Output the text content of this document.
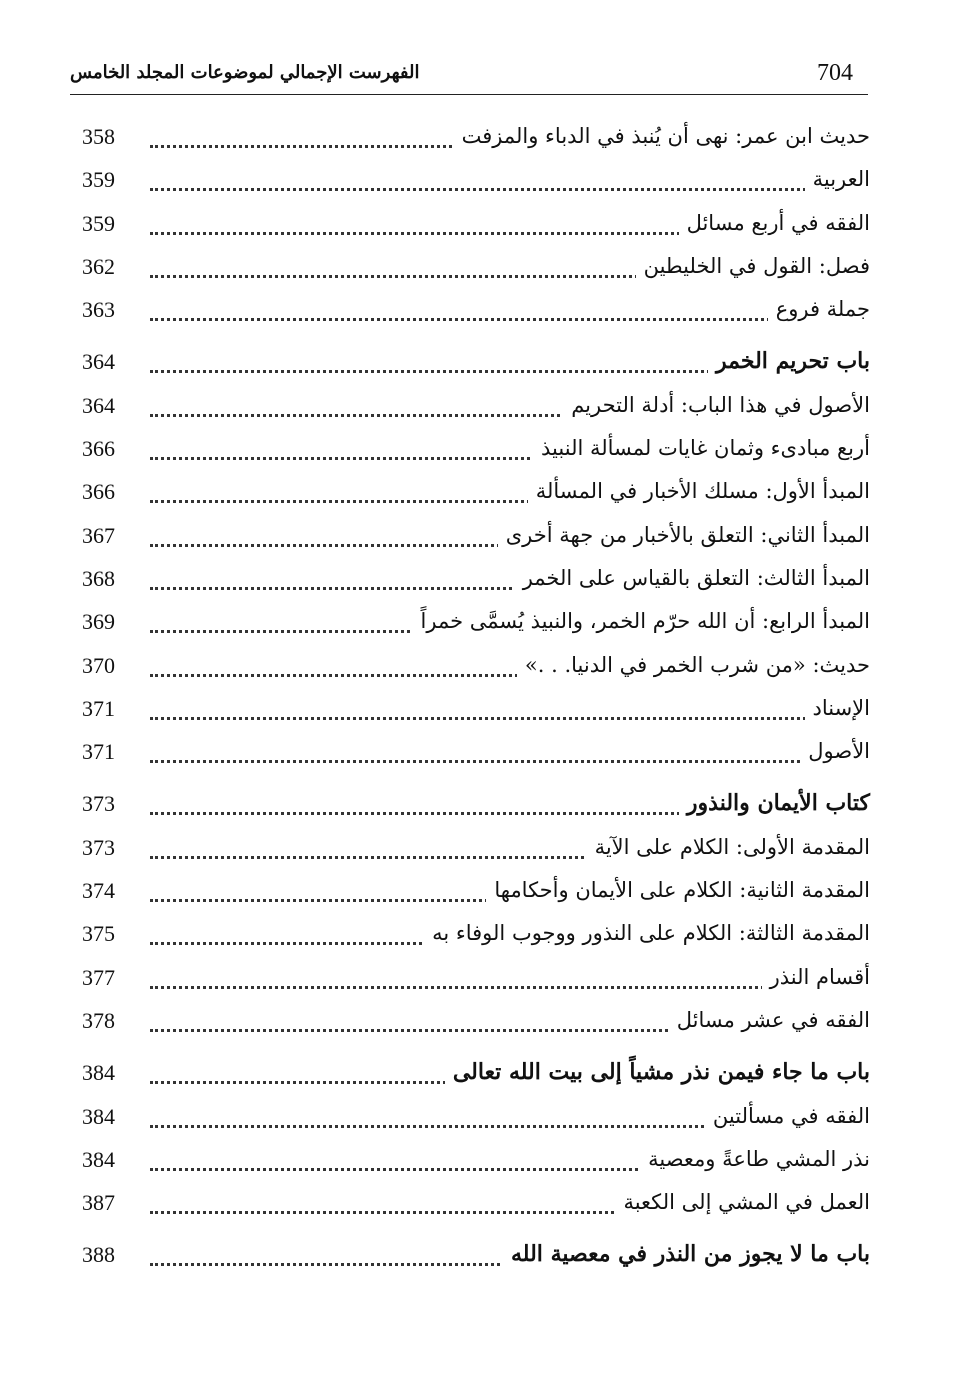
704
الفهرست الإجمالي لموضوعات المجلد الخامس
358	حديث ابن عمر: نهى أن يُنبذ في الدباء والمزفت
359	العربية
359	الفقه في أربع مسائل
362	فصل: القول في الخليطين
363	جملة فروع
364	باب تحريم الخمر
364	الأصول في هذا الباب: أدلة التحريم
366	أربع مبادىء وثمان غايات لمسألة النبيذ
366	المبدأ الأول: مسلك الأخبار في المسألة
367	المبدأ الثاني: التعلق بالأخبار من جهة أخرى
368	المبدأ الثالث: التعلق بالقياس على الخمر
369	المبدأ الرابع: أن الله حرّم الخمر، والنبيذ يُسمَّى خمراً
370	حديث: «من شرب الخمر في الدنيا. . .»
371	الإسناد
371	الأصول
373	كتاب الأيمان والنذور
373	المقدمة الأولى: الكلام على الآية
374	المقدمة الثانية: الكلام على الأيمان وأحكامها
375	المقدمة الثالثة: الكلام على النذور ووجوب الوفاء به
377	أقسام النذر
378	الفقه في عشر مسائل
384	باب ما جاء فيمن نذر مشياً إلى بيت الله تعالى
384	الفقه في مسألتين
384	نذر المشي طاعةً ومعصية
387	العمل في المشي إلى الكعبة
388	باب ما لا يجوز من النذر في معصية الله
